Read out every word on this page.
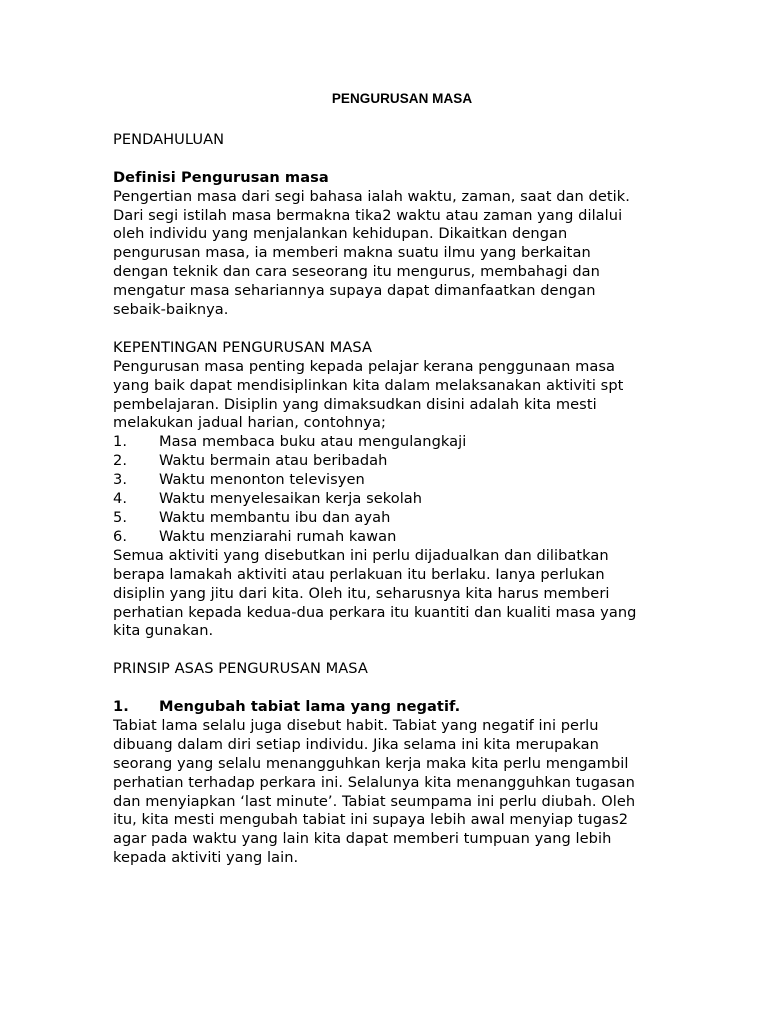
PENGURUSAN MASA

PENDAHULUAN

Definisi Pengurusan masa

Pengertian masa dari segi bahasa ialah waktu, zaman, saat dan detik.
Dari segi istilah masa bermakna tika2 waktu atau zaman yang dilalui
oleh individu yang menjalankan kehidupan. Dikaitkan dengan
pengurusan masa, ia memberi makna suatu ilmu yang berkaitan
dengan teknik dan cara seseorang itu mengurus, membahagi dan
mengatur masa sehariannya supaya dapat dimanfaatkan dengan
sebaik-baiknya.

KEPENTINGAN PENGURUSAN MASA

Pengurusan masa penting kepada pelajar kerana penggunaan masa
yang baik dapat mendisiplinkan kita dalam melaksanakan aktiviti spt
pembelajaran. Disiplin yang dimaksudkan disini adalah kita mesti
melakukan jadual harian, contohnya;
1.	Masa membaca buku atau mengulangkaji
2.	Waktu bermain atau beribadah
3.	Waktu menonton televisyen
4.	Waktu menyelesaikan kerja sekolah
5.	Waktu membantu ibu dan ayah
6.	Waktu menziarahi rumah kawan
Semua aktiviti yang disebutkan ini perlu dijadualkan dan dilibatkan
berapa lamakah aktiviti atau perlakuan itu berlaku. Ianya perlukan
disiplin yang jitu dari kita. Oleh itu, seharusnya kita harus memberi
perhatian kepada kedua-dua perkara itu kuantiti dan kualiti masa yang
kita gunakan.

PRINSIP ASAS PENGURUSAN MASA

1. Mengubah tabiat lama yang negatif.

Tabiat lama selalu juga disebut habit. Tabiat yang negatif ini perlu
dibuang dalam diri setiap individu. Jika selama ini kita merupakan
seorang yang selalu menangguhkan kerja maka kita perlu mengambil
perhatian terhadap perkara ini. Selalunya kita menangguhkan tugasan
dan menyiapkan ‘last minute’. Tabiat seumpama ini perlu diubah. Oleh
itu, kita mesti mengubah tabiat ini supaya lebih awal menyiap tugas2
agar pada waktu yang lain kita dapat memberi tumpuan yang lebih
kepada aktiviti yang lain.
